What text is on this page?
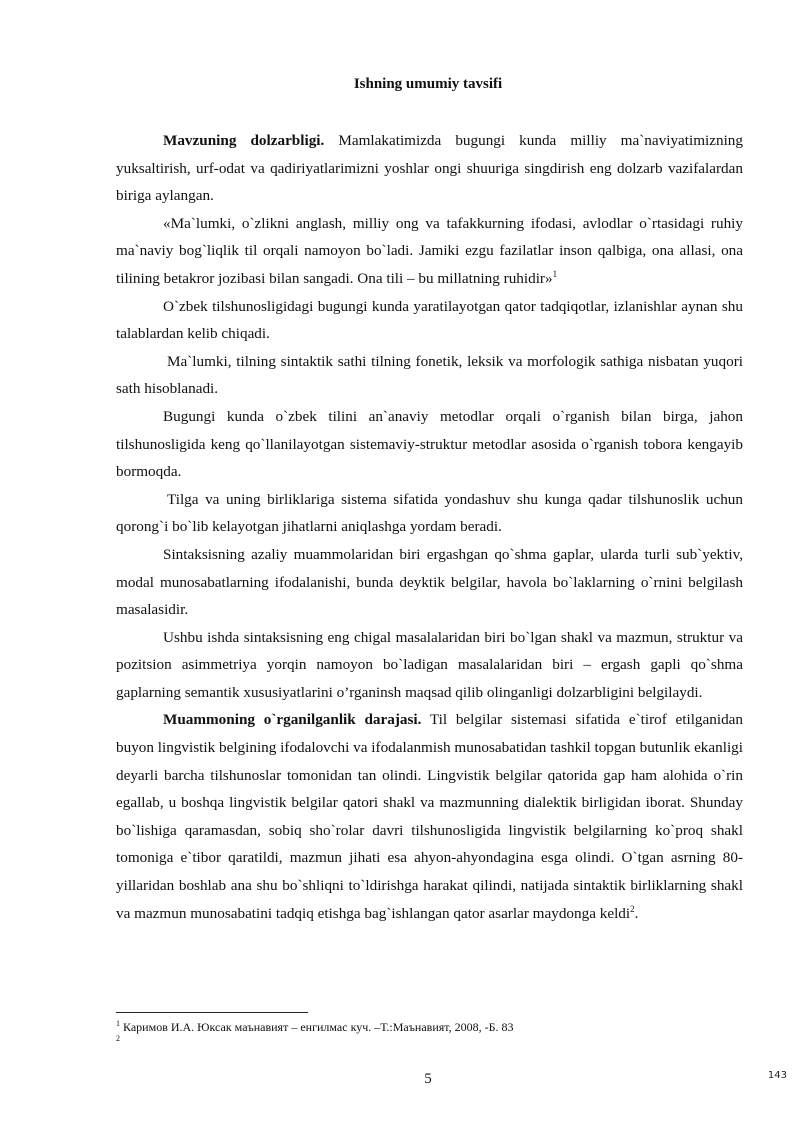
Ishning umumiy tavsifi

Mavzuning dolzarbligi. Mamlakatimizda bugungi kunda milliy ma`naviyatimizning yuksaltirish, urf-odat va qadiriyatlarimizni yoshlar ongi shuuriga singdirish eng dolzarb vazifalardan biriga aylangan.

«Ma`lumki, o`zlikni anglash, milliy ong va tafakkurning ifodasi, avlodlar o`rtasidagi ruhiy ma`naviy bog`liqlik til orqali namoyon bo`ladi. Jamiki ezgu fazilatlar inson qalbiga, ona allasi, ona tilining betakror jozibasi bilan sangadi. Ona tili – bu millatning ruhidir»$^1$

O`zbek tilshunosligidagi bugungi kunda yaratilayotgan qator tadqiqotlar, izlanishlar aynan shu talablardan kelib chiqadi.

Ma`lumki, tilning sintaktik sathi tilning fonetik, leksik va morfologik sathiga nisbatan yuqori sath hisoblanadi.

Bugungi kunda o`zbek tilini an`anaviy metodlar orqali o`rganish bilan birga, jahon tilshunosligida keng qo`llanilayotgan sistemaviy-struktur metodlar asosida o`rganish tobora kengayib bormoqda.

Tilga va uning birliklariga sistema sifatida yondashuv shu kunga qadar tilshunoslik uchun qorong`i bo`lib kelayotgan jihatlarni aniqlashga yordam beradi.

Sintaksisning azaliy muammolaridan biri ergashgan qo`shma gaplar, ularda turli sub`yektiv, modal munosabatlarning ifodalanishi, bunda deyktik belgilar, havola bo`laklarning o`rnini belgilash masalasidir.

Ushbu ishda sintaksisning eng chigal masalalaridan biri bo`lgan shakl va mazmun, struktur va pozitsion asimmetriya yorqin namoyon bo`ladigan masalalaridan biri – ergash gapli qo`shma gaplarning semantik xususiyatlarini o’rganinsh maqsad qilib olinganligi dolzarbligini belgilaydi.

Muammoning o`rganilganlik darajasi. Til belgilar sistemasi sifatida e`tirof etilganidan buyon lingvistik belgining ifodalovchi va ifodalanmish munosabatidan tashkil topgan butunlik ekanligi deyarli barcha tilshunoslar tomonidan tan olindi. Lingvistik belgilar qatorida gap ham alohida o`rin egallab, u boshqa lingvistik belgilar qatori shakl va mazmunning dialektik birligidan iborat. Shunday bo`lishiga qaramasdan, sobiq sho`rolar davri tilshunosligida lingvistik belgilarning ko`proq shakl tomoniga e`tibor qaratildi, mazmun jihati esa ahyon-ahyondagina esga olindi. O`tgan asrning 80-yillaridan boshlab ana shu bo`shliqni to`ldirishga harakat qilindi, natijada sintaktik birliklarning shakl va mazmun munosabatini tadqiq etishga bag`ishlangan qator asarlar maydonga keldi$^2$.

$^1$ Каримов И.А. Юксак маънавият – енгилмас куч. –Т.:Маънавият, 2008, -Б. 83
$^2$
5	143
